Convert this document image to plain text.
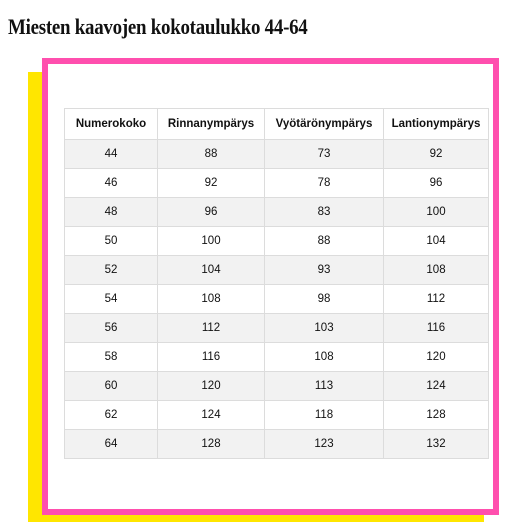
Miesten kaavojen kokotaulukko 44-64
Numerokoko	Rinnanympärys	Vyötärönympärys	Lantionympärys
44	88	73	92
46	92	78	96
48	96	83	100
50	100	88	104
52	104	93	108
54	108	98	112
56	112	103	116
58	116	108	120
60	120	113	124
62	124	118	128
64	128	123	132
